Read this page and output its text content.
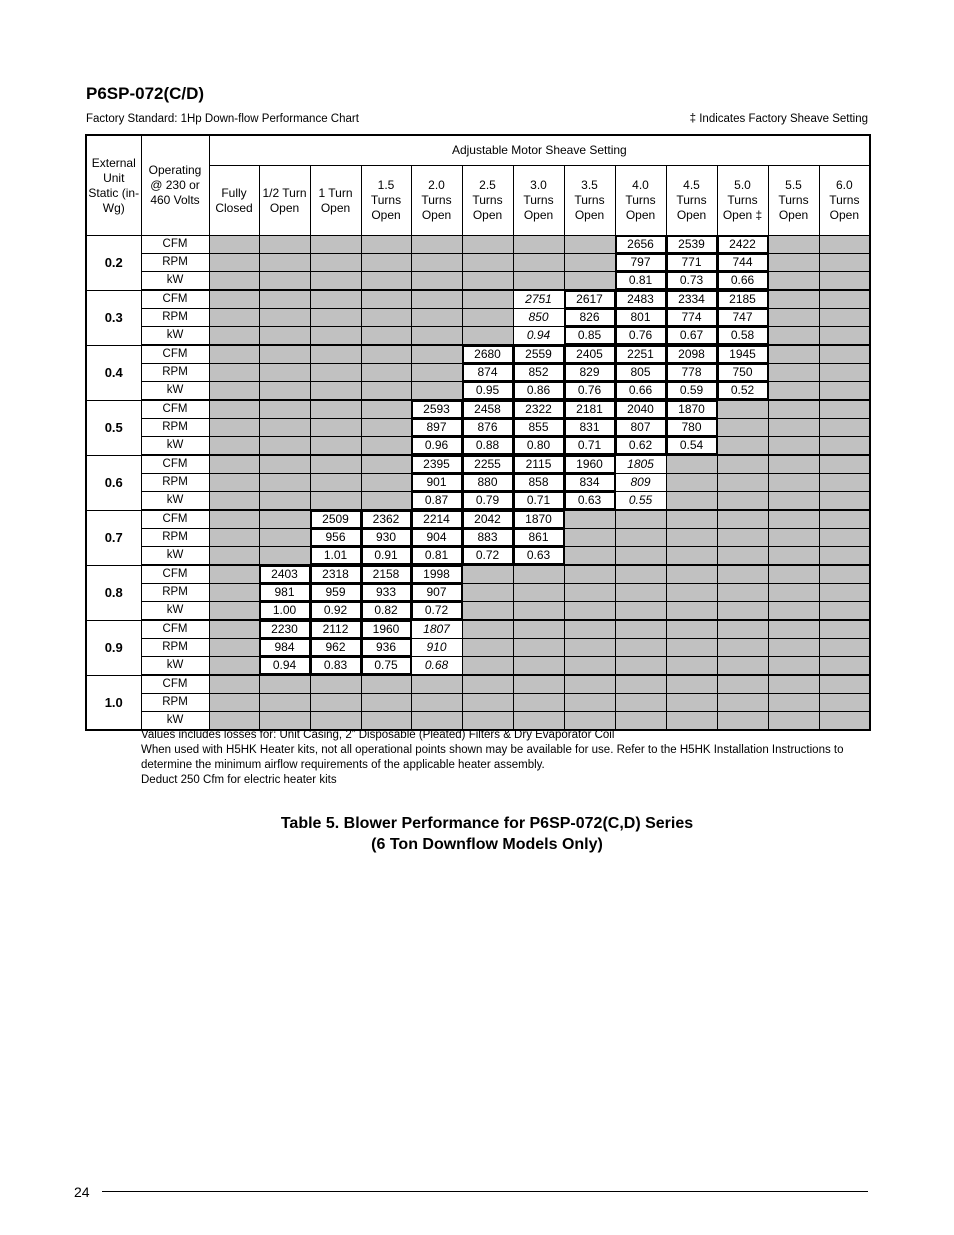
P6SP-072(C/D)
Factory Standard: 1Hp Down-flow Performance Chart	‡ Indicates Factory Sheave Setting
External Unit Static (in-Wg)	Operating @ 230 or 460 Volts	Adjustable Motor Sheave Setting												
		Fully Closed	1/2 Turn Open	1 Turn Open	1.5 Turns Open	2.0 Turns Open	2.5 Turns Open	3.0 Turns Open	3.5 Turns Open	4.0 Turns Open	4.5 Turns Open	5.0 Turns Open ‡	5.5 Turns Open	6.0 Turns Open
0.2	CFM									2656	2539	2422		
	RPM									797	771	744		
	kW									0.81	0.73	0.66		
0.3	CFM							2751	2617	2483	2334	2185		
	RPM							850	826	801	774	747		
	kW							0.94	0.85	0.76	0.67	0.58		
0.4	CFM						2680	2559	2405	2251	2098	1945		
	RPM						874	852	829	805	778	750		
	kW						0.95	0.86	0.76	0.66	0.59	0.52		
0.5	CFM					2593	2458	2322	2181	2040	1870			
	RPM					897	876	855	831	807	780			
	kW					0.96	0.88	0.80	0.71	0.62	0.54			
0.6	CFM					2395	2255	2115	1960	1805				
	RPM					901	880	858	834	809				
	kW					0.87	0.79	0.71	0.63	0.55				
0.7	CFM			2509	2362	2214	2042	1870						
	RPM			956	930	904	883	861						
	kW			1.01	0.91	0.81	0.72	0.63						
0.8	CFM		2403	2318	2158	1998								
	RPM		981	959	933	907								
	kW		1.00	0.92	0.82	0.72								
0.9	CFM		2230	2112	1960	1807								
	RPM		984	962	936	910								
	kW		0.94	0.83	0.75	0.68								
1.0	CFM													
	RPM													
	kW													

Values includes losses for: Unit Casing, 2” Disposable (Pleated) Filters & Dry Evaporator Coil

When used with H5HK Heater kits, not all operational points shown may be available for use. Refer to the H5HK Installation Instructions to determine the minimum airflow requirements of the applicable heater assembly.

Deduct 250 Cfm for electric heater kits

Table 5. Blower Performance for P6SP-072(C,D) Series
(6 Ton Downflow Models Only)
24
